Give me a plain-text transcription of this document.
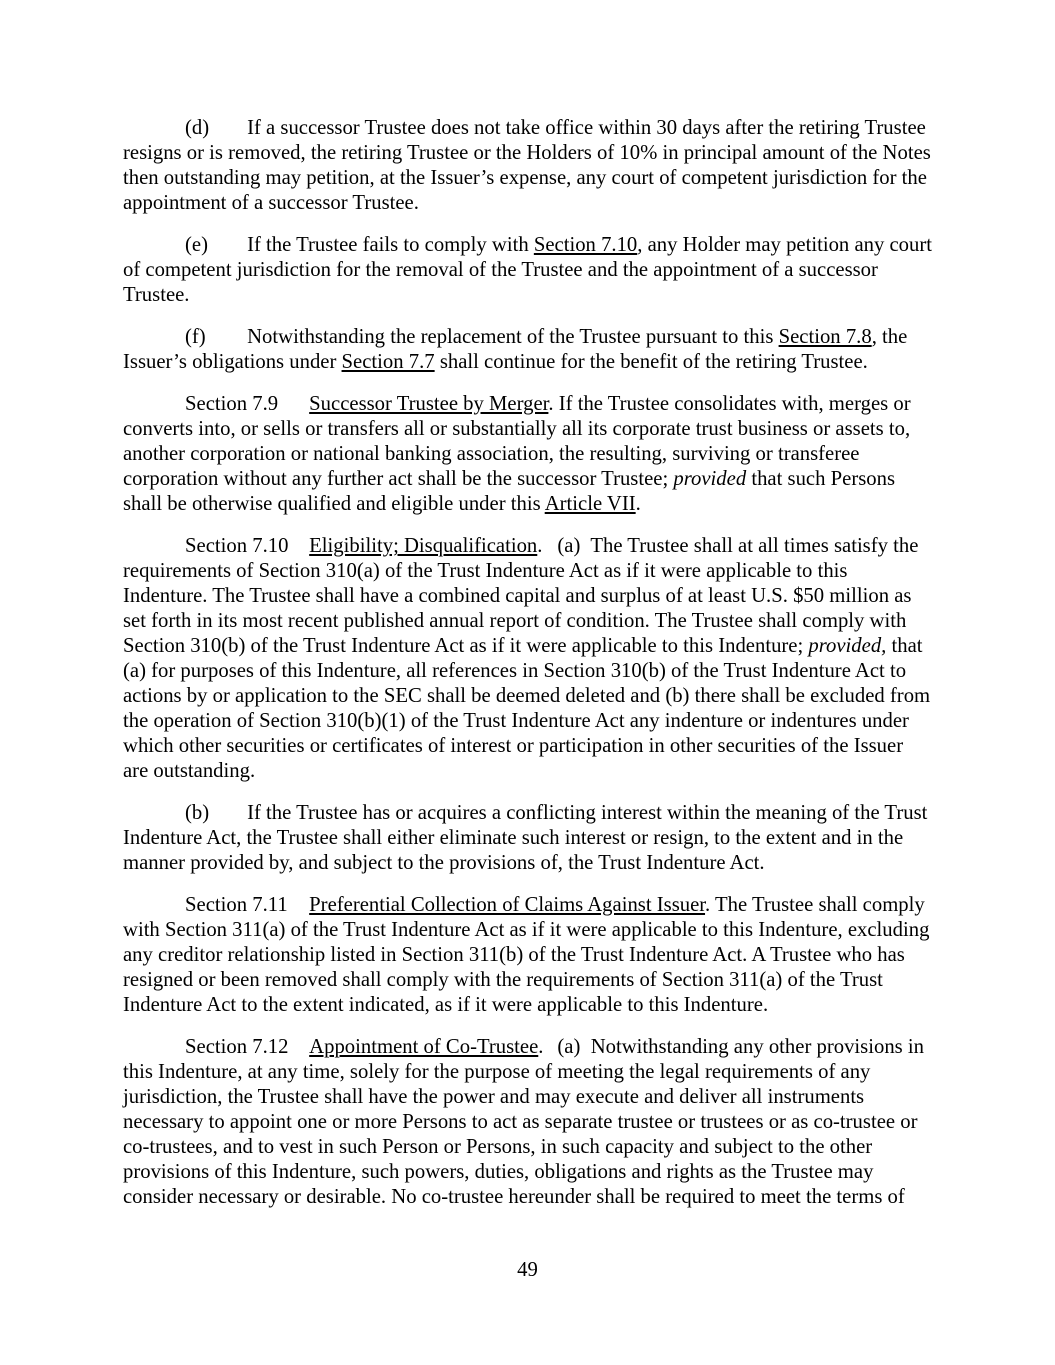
(d) If a successor Trustee does not take office within 30 days after the retiring Trustee resigns or is removed, the retiring Trustee or the Holders of 10% in principal amount of the Notes then outstanding may petition, at the Issuer’s expense, any court of competent jurisdiction for the appointment of a successor Trustee.

(e) If the Trustee fails to comply with Section 7.10, any Holder may petition any court of competent jurisdiction for the removal of the Trustee and the appointment of a successor Trustee.

(f) Notwithstanding the replacement of the Trustee pursuant to this Section 7.8, the Issuer’s obligations under Section 7.7 shall continue for the benefit of the retiring Trustee.

Section 7.9 Successor Trustee by Merger. If the Trustee consolidates with, merges or converts into, or sells or transfers all or substantially all its corporate trust business or assets to, another corporation or national banking association, the resulting, surviving or transferee corporation without any further act shall be the successor Trustee; provided that such Persons shall be otherwise qualified and eligible under this Article VII.

Section 7.10 Eligibility; Disqualification. (a)  The Trustee shall at all times satisfy the requirements of Section 310(a) of the Trust Indenture Act as if it were applicable to this Indenture. The Trustee shall have a combined capital and surplus of at least U.S. $50 million as set forth in its most recent published annual report of condition. The Trustee shall comply with Section 310(b) of the Trust Indenture Act as if it were applicable to this Indenture; provided, that (a) for purposes of this Indenture, all references in Section 310(b) of the Trust Indenture Act to actions by or application to the SEC shall be deemed deleted and (b) there shall be excluded from the operation of Section 310(b)(1) of the Trust Indenture Act any indenture or indentures under which other securities or certificates of interest or participation in other securities of the Issuer are outstanding.

(b) If the Trustee has or acquires a conflicting interest within the meaning of the Trust Indenture Act, the Trustee shall either eliminate such interest or resign, to the extent and in the manner provided by, and subject to the provisions of, the Trust Indenture Act.

Section 7.11 Preferential Collection of Claims Against Issuer. The Trustee shall comply with Section 311(a) of the Trust Indenture Act as if it were applicable to this Indenture, excluding any creditor relationship listed in Section 311(b) of the Trust Indenture Act. A Trustee who has resigned or been removed shall comply with the requirements of Section 311(a) of the Trust Indenture Act to the extent indicated, as if it were applicable to this Indenture.

Section 7.12 Appointment of Co-Trustee. (a)  Notwithstanding any other provisions in this Indenture, at any time, solely for the purpose of meeting the legal requirements of any jurisdiction, the Trustee shall have the power and may execute and deliver all instruments necessary to appoint one or more Persons to act as separate trustee or trustees or as co-trustee or co-trustees, and to vest in such Person or Persons, in such capacity and subject to the other provisions of this Indenture, such powers, duties, obligations and rights as the Trustee may consider necessary or desirable. No co-trustee hereunder shall be required to meet the terms of

49
